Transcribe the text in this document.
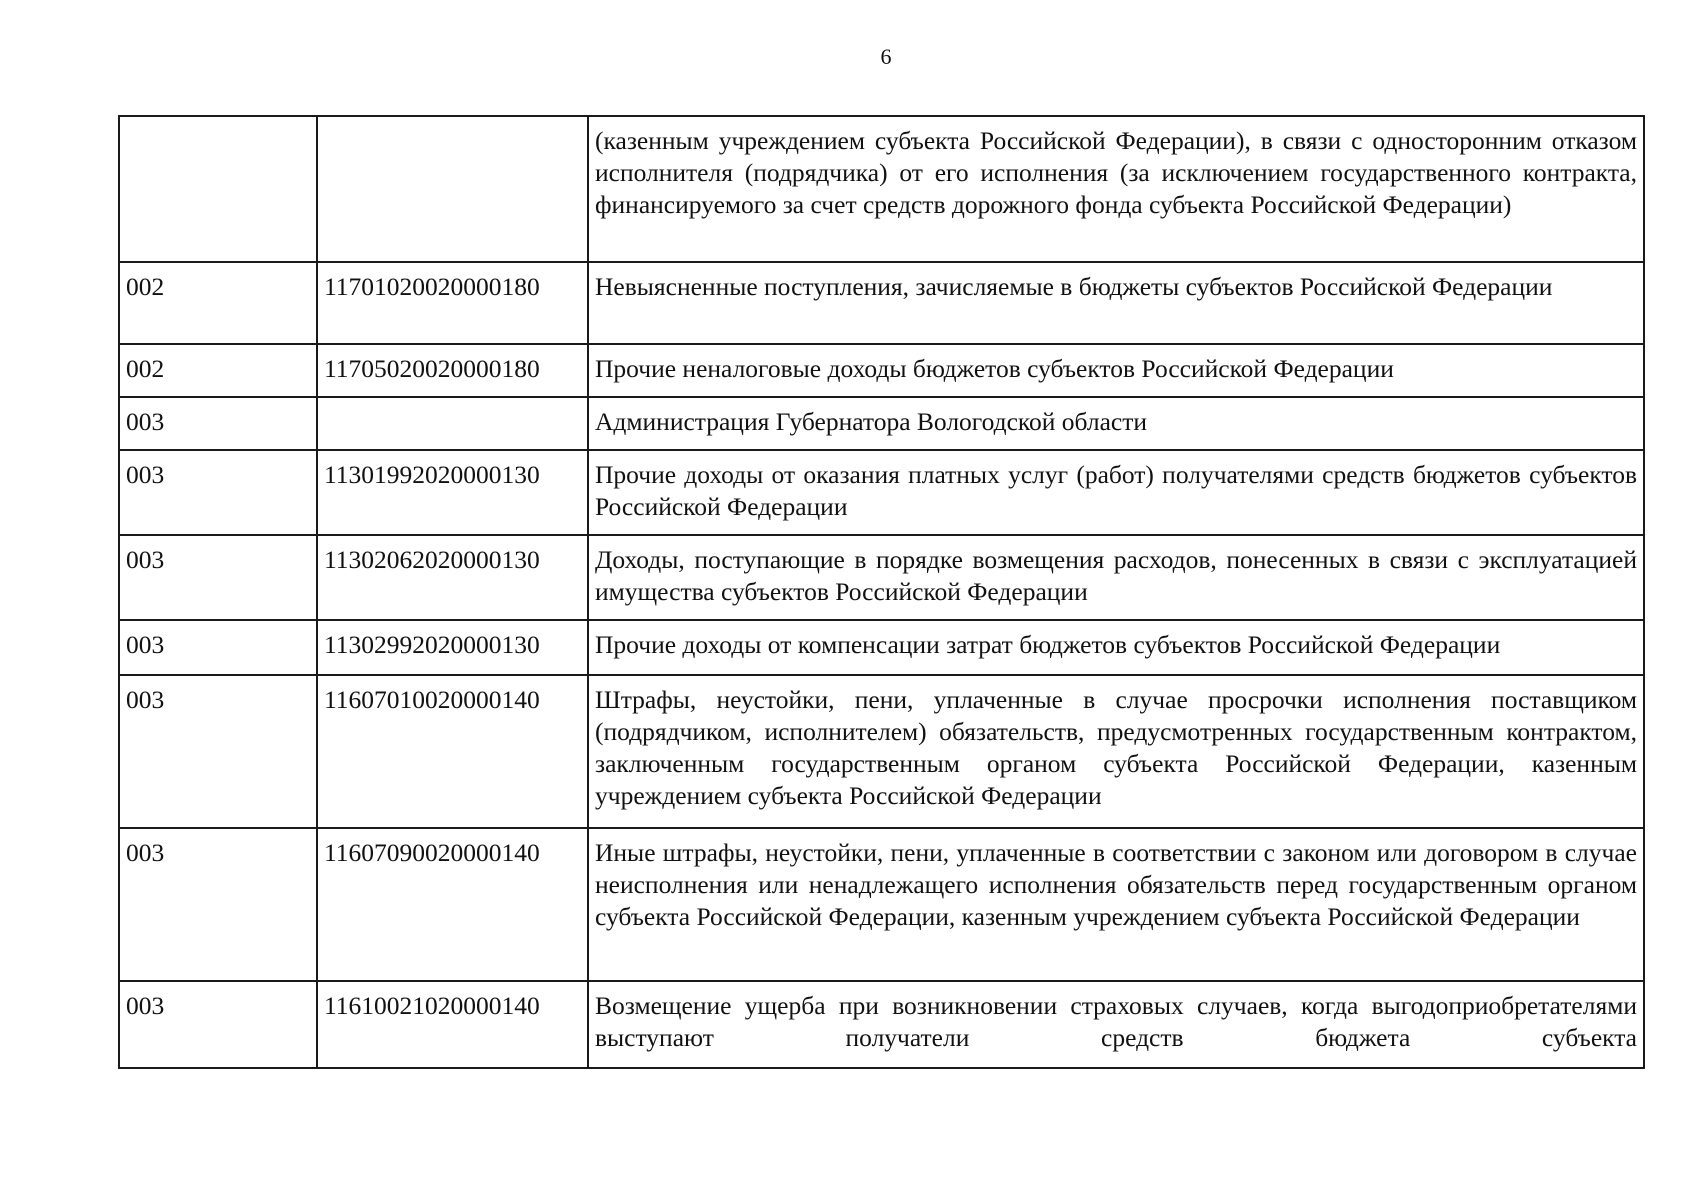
6
		(казенным учреждением субъекта Российской Федерации), в связи с односторонним отказом исполнителя (подрядчика) от его исполнения (за исключением государственного контракта, финансируемого за счет средств дорожного фонда субъекта Российской Федерации)
002	11701020020000180	Невыясненные поступления, зачисляемые в бюджеты субъектов Российской Федерации
002	11705020020000180	Прочие неналоговые доходы бюджетов субъектов Российской Федерации
003		Администрация Губернатора Вологодской области
003	11301992020000130	Прочие доходы от оказания платных услуг (работ) получателями средств бюджетов субъектов Российской Федерации
003	11302062020000130	Доходы, поступающие в порядке возмещения расходов, понесенных в связи с эксплуатацией имущества субъектов Российской Федерации
003	11302992020000130	Прочие доходы от компенсации затрат бюджетов субъектов Российской Федерации
003	11607010020000140	Штрафы, неустойки, пени, уплаченные в случае просрочки исполнения поставщиком (подрядчиком, исполнителем) обязательств, предусмотренных государственным контрактом, заключенным государственным органом субъекта Российской Федерации, казенным учреждением субъекта Российской Федерации
003	11607090020000140	Иные штрафы, неустойки, пени, уплаченные в соответствии с законом или договором в случае неисполнения или ненадлежащего исполнения обязательств перед государственным органом субъекта Российской Федерации, казенным учреждением субъекта Российской Федерации
003	11610021020000140	Возмещение ущерба при возникновении страховых случаев, когда выгодоприобретателями выступают получатели средств бюджета субъекта
